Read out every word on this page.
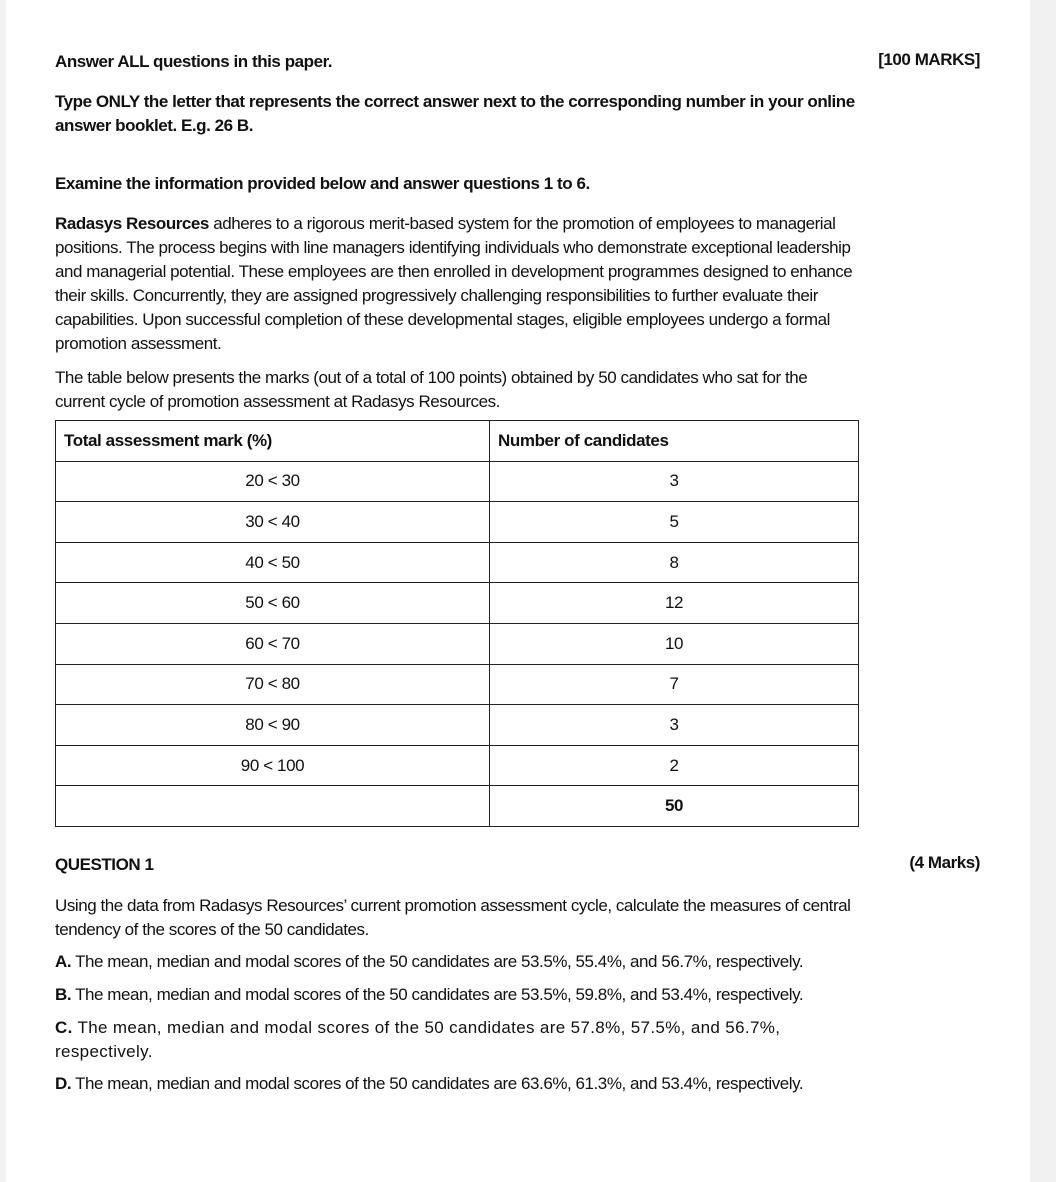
Answer ALL questions in this paper.	[100 MARKS]
Type ONLY the letter that represents the correct answer next to the corresponding number in your online answer booklet. E.g. 26 B.
Examine the information provided below and answer questions 1 to 6.

Radasys Resources adheres to a rigorous merit-based system for the promotion of employees to managerial positions. The process begins with line managers identifying individuals who demonstrate exceptional leadership and managerial potential. These employees are then enrolled in development programmes designed to enhance their skills. Concurrently, they are assigned progressively challenging responsibilities to further evaluate their capabilities. Upon successful completion of these developmental stages, eligible employees undergo a formal promotion assessment.

The table below presents the marks (out of a total of 100 points) obtained by 50 candidates who sat for the current cycle of promotion assessment at Radasys Resources.

Total assessment mark (%)	Number of candidates
20 < 30	3
30 < 40	5
40 < 50	8
50 < 60	12
60 < 70	10
70 < 80	7
80 < 90	3
90 < 100	2
	50
QUESTION 1	(4 Marks)

Using the data from Radasys Resources’ current promotion assessment cycle, calculate the measures of central tendency of the scores of the 50 candidates.

A. The mean, median and modal scores of the 50 candidates are 53.5%, 55.4%, and 56.7%, respectively.

B. The mean, median and modal scores of the 50 candidates are 53.5%, 59.8%, and 53.4%, respectively.

C. The mean, median and modal scores of the 50 candidates are 57.8%, 57.5%, and 56.7%, respectively.

D. The mean, median and modal scores of the 50 candidates are 63.6%, 61.3%, and 53.4%, respectively.
